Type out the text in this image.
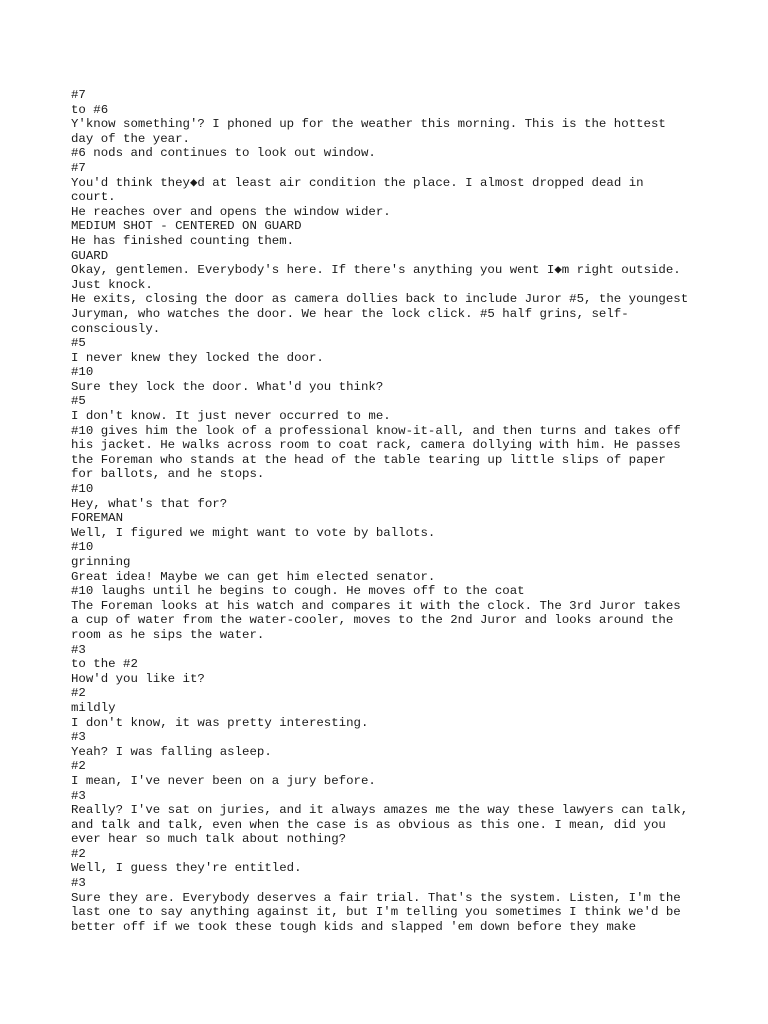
#7
to #6
Y'know something'? I phoned up for the weather this morning. This is the hottest
day of the year.
#6 nods and continues to look out window.
#7
You'd think they◆d at least air condition the place. I almost dropped dead in
court.
He reaches over and opens the window wider.
MEDIUM SHOT - CENTERED ON GUARD
He has finished counting them.
GUARD
Okay, gentlemen. Everybody's here. If there's anything you went I◆m right outside.
Just knock.
He exits, closing the door as camera dollies back to include Juror #5, the youngest
Juryman, who watches the door. We hear the lock click. #5 half grins, self-
consciously.
#5
I never knew they locked the door.
#10
Sure they lock the door. What'd you think?
#5
I don't know. It just never occurred to me.
#10 gives him the look of a professional know-it-all, and then turns and takes off
his jacket. He walks across room to coat rack, camera dollying with him. He passes
the Foreman who stands at the head of the table tearing up little slips of paper
for ballots, and he stops.
#10
Hey, what's that for?
FOREMAN
Well, I figured we might want to vote by ballots.
#10
grinning
Great idea! Maybe we can get him elected senator.
#10 laughs until he begins to cough. He moves off to the coat
The Foreman looks at his watch and compares it with the clock. The 3rd Juror takes
a cup of water from the water-cooler, moves to the 2nd Juror and looks around the
room as he sips the water.
#3
to the #2
How'd you like it?
#2
mildly
I don't know, it was pretty interesting.
#3
Yeah? I was falling asleep.
#2
I mean, I've never been on a jury before.
#3
Really? I've sat on juries, and it always amazes me the way these lawyers can talk,
and talk and talk, even when the case is as obvious as this one. I mean, did you
ever hear so much talk about nothing?
#2
Well, I guess they're entitled.
#3
Sure they are. Everybody deserves a fair trial. That's the system. Listen, I'm the
last one to say anything against it, but I'm telling you sometimes I think we'd be
better off if we took these tough kids and slapped 'em down before they make
